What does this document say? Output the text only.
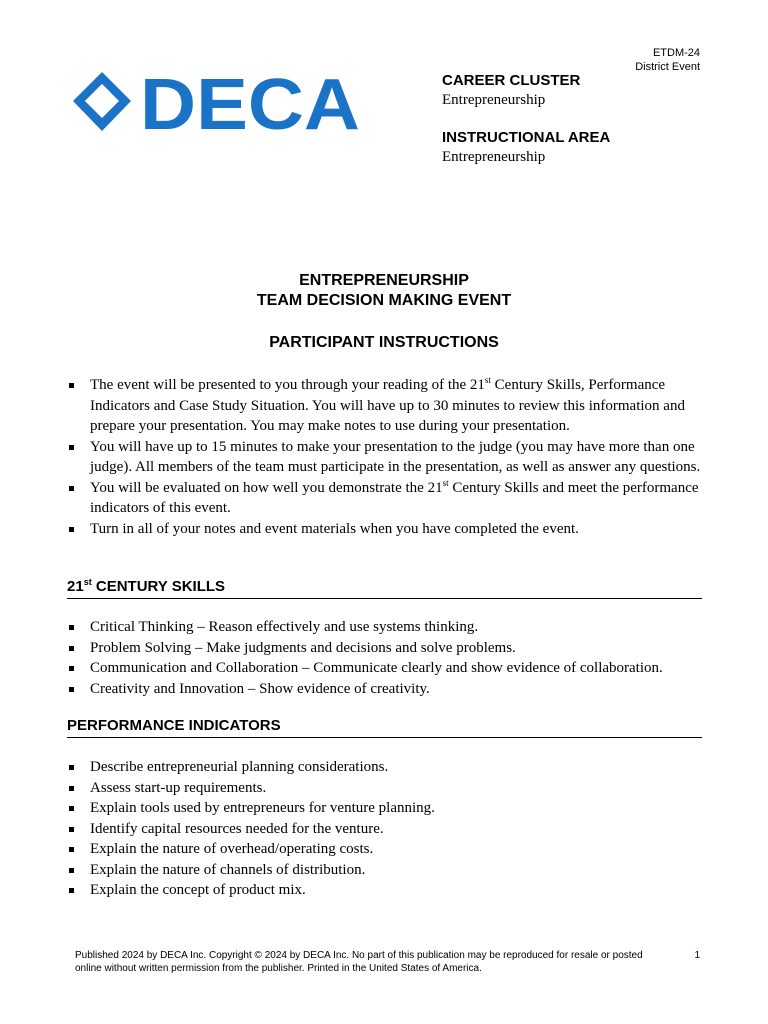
DECA
ETDM-24
District Event

CAREER CLUSTER

Entrepreneurship

INSTRUCTIONAL AREA

Entrepreneurship

ENTREPRENEURSHIP
TEAM DECISION MAKING EVENT
PARTICIPANT INSTRUCTIONS
The event will be presented to you through your reading of the 21st Century Skills, Performance Indicators and Case Study Situation. You will have up to 30 minutes to review this information and prepare your presentation. You may make notes to use during your presentation.
You will have up to 15 minutes to make your presentation to the judge (you may have more than one judge). All members of the team must participate in the presentation, as well as answer any questions.
You will be evaluated on how well you demonstrate the 21st Century Skills and meet the performance indicators of this event.
Turn in all of your notes and event materials when you have completed the event.
21st CENTURY SKILLS
Critical Thinking – Reason effectively and use systems thinking.
Problem Solving – Make judgments and decisions and solve problems.
Communication and Collaboration – Communicate clearly and show evidence of collaboration.
Creativity and Innovation – Show evidence of creativity.
PERFORMANCE INDICATORS
Describe entrepreneurial planning considerations.
Assess start-up requirements.
Explain tools used by entrepreneurs for venture planning.
Identify capital resources needed for the venture.
Explain the nature of overhead/operating costs.
Explain the nature of channels of distribution.
Explain the concept of product mix.
Published 2024 by DECA Inc. Copyright © 2024 by DECA Inc. No part of this publication may be reproduced for resale or posted online without written permission from the publisher. Printed in the United States of America.
1
